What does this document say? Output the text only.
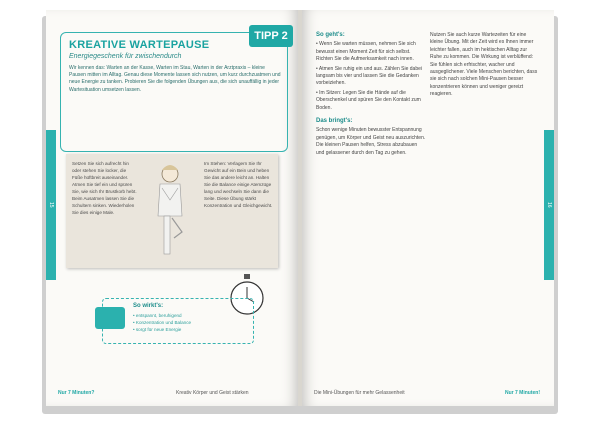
KREATIVE WARTEPAUSE
TIPP 2
Energiegeschenk für zwischendurch
Wir kennen das: Warten an der Kasse, Warten im Stau, Warten in der Arztpraxis – kleine Pausen mitten im Alltag. Genau diese Momente lassen sich nutzen, um kurz durchzuatmen und neue Energie zu tanken. Probieren Sie die folgenden Übungen aus, die sich unauffällig in jeder Wartesituation umsetzen lassen.
15
Setzen Sie sich aufrecht hin oder stehen Sie locker, die Füße hüftbreit auseinander. Atmen Sie tief ein und spüren Sie, wie sich Ihr Brustkorb hebt. Beim Ausatmen lassen Sie die Schultern sinken. Wiederholen Sie dies einige Male.
Im Stehen: Verlagern Sie Ihr Gewicht auf ein Bein und heben Sie das andere leicht an. Halten Sie die Balance einige Atemzüge lang und wechseln Sie dann die Seite. Diese Übung stärkt Konzentration und Gleichgewicht.
So wirkt's:
• entspannt, beruhigend
• Konzentration und Balance
• sorgt für neue Energie
Nur 7 Minuten?	Kreativ Körper und Geist stärken
So geht's:
• Wenn Sie warten müssen, nehmen Sie sich bewusst einen Moment Zeit für sich selbst. Richten Sie die Aufmerksamkeit nach innen.
• Atmen Sie ruhig ein und aus. Zählen Sie dabei langsam bis vier und lassen Sie die Gedanken vorbeiziehen.
• Im Sitzen: Legen Sie die Hände auf die Oberschenkel und spüren Sie den Kontakt zum Boden.
Das bringt's:
Schon wenige Minuten bewusster Entspannung genügen, um Körper und Geist neu auszurichten. Die kleinen Pausen helfen, Stress abzubauen und gelassener durch den Tag zu gehen.
Nutzen Sie auch kurze Wartezeiten für eine kleine Übung. Mit der Zeit wird es Ihnen immer leichter fallen, auch im hektischen Alltag zur Ruhe zu kommen. Die Wirkung ist verblüffend: Sie fühlen sich erfrischter, wacher und ausgeglichener. Viele Menschen berichten, dass sie sich nach solchen Mini-Pausen besser konzentrieren können und weniger gereizt reagieren.
16
Die Mini-Übungen für mehr Gelassenheit	Nur 7 Minuten!
